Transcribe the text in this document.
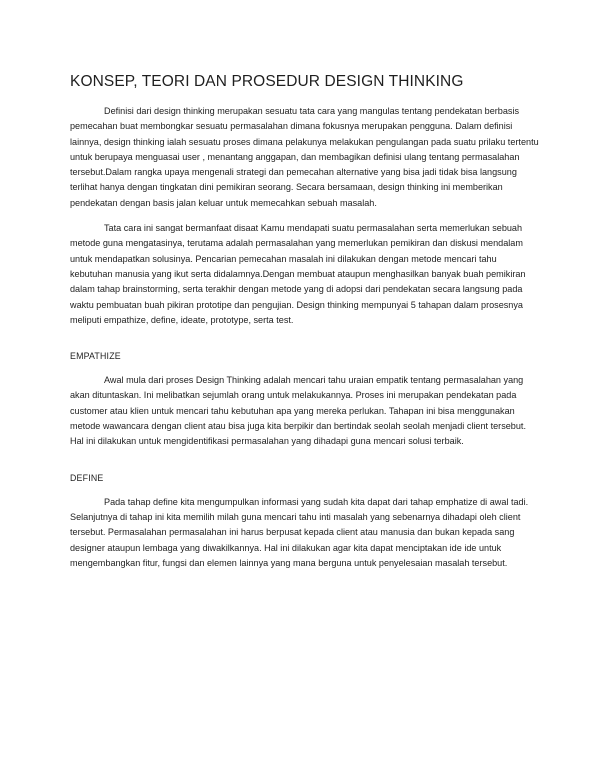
KONSEP, TEORI DAN PROSEDUR DESIGN THINKING

Definisi dari design thinking merupakan sesuatu tata cara yang mangulas tentang pendekatan berbasis pemecahan buat membongkar sesuatu permasalahan dimana fokusnya merupakan pengguna. Dalam definisi lainnya, design thinking ialah sesuatu proses dimana pelakunya melakukan pengulangan pada suatu prilaku tertentu untuk berupaya menguasai user , menantang anggapan, dan membagikan definisi ulang tentang permasalahan tersebut.Dalam rangka upaya mengenali strategi dan pemecahan alternative yang bisa jadi tidak bisa langsung terlihat hanya dengan tingkatan dini pemikiran seorang. Secara bersamaan, design thinking ini memberikan pendekatan dengan basis jalan keluar untuk memecahkan sebuah masalah.

Tata cara ini sangat bermanfaat disaat Kamu mendapati suatu permasalahan serta memerlukan sebuah metode guna mengatasinya, terutama adalah permasalahan yang memerlukan pemikiran dan diskusi mendalam untuk mendapatkan solusinya. Pencarian pemecahan masalah ini dilakukan dengan metode mencari tahu kebutuhan manusia yang ikut serta didalamnya.Dengan membuat ataupun menghasilkan banyak buah pemikiran dalam tahap brainstorming, serta terakhir dengan metode yang di adopsi dari pendekatan secara langsung pada waktu pembuatan buah pikiran prototipe dan pengujian. Design thinking mempunyai 5 tahapan dalam prosesnya meliputi empathize, define, ideate, prototype, serta test.

EMPATHIZE

Awal mula dari proses Design Thinking adalah mencari tahu uraian empatik tentang permasalahan yang akan dituntaskan. Ini melibatkan sejumlah orang untuk melakukannya. Proses ini merupakan pendekatan pada customer atau klien untuk mencari tahu kebutuhan apa yang mereka perlukan. Tahapan ini bisa menggunakan metode wawancara dengan client atau bisa juga kita berpikir dan bertindak seolah seolah menjadi client tersebut. Hal ini dilakukan untuk mengidentifikasi permasalahan yang dihadapi guna mencari solusi terbaik.

DEFINE

Pada tahap define kita mengumpulkan informasi yang sudah kita dapat dari tahap emphatize di awal tadi. Selanjutnya di tahap ini kita memilih milah guna mencari tahu inti masalah yang sebenarnya dihadapi oleh client tersebut. Permasalahan permasalahan ini harus berpusat kepada client atau manusia dan bukan kepada sang designer ataupun lembaga yang diwakilkannya. Hal ini dilakukan agar kita dapat menciptakan ide ide untuk mengembangkan fitur, fungsi dan elemen lainnya yang mana berguna untuk penyelesaian masalah tersebut.
